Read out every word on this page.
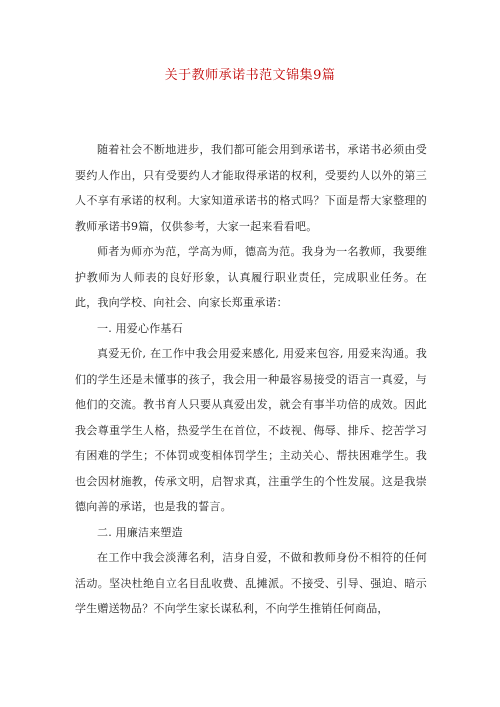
关于教师承诺书范文锦集9篇

随着社会不断地进步，我们都可能会用到承诺书，承诺书必须由受要约人作出，只有受要约人才能取得承诺的权利，受要约人以外的第三人不享有承诺的权利。大家知道承诺书的格式吗？下面是帮大家整理的教师承诺书9篇，仅供参考，大家一起来看看吧。

师者为师亦为范，学高为师，德高为范。我身为一名教师，我要维护教师为人师表的良好形象，认真履行职业责任，完成职业任务。在此，我向学校、向社会、向家长郑重承诺：

一. 用爱心作基石

真爱无价, 在工作中我会用爱来感化, 用爱来包容, 用爱来沟通。我们的学生还是未懂事的孩子，我会用一种最容易接受的语言一真爱，与他们的交流。教书育人只要从真爱出发，就会有事半功倍的成效。因此我会尊重学生人格，热爱学生在首位，不歧视、侮辱、排斥、挖苦学习有困难的学生；不体罚或变相体罚学生；主动关心、帮扶困难学生。我也会因材施教，传承文明，启智求真，注重学生的个性发展。这是我崇德向善的承诺，也是我的誓言。

二. 用廉洁来塑造

在工作中我会淡薄名利，洁身自爱，不做和教师身份不相符的任何活动。坚决杜绝自立名目乱收费、乱摊派。不接受、引导、强迫、暗示学生赠送物品？不向学生家长谋私利，不向学生推销任何商品，
